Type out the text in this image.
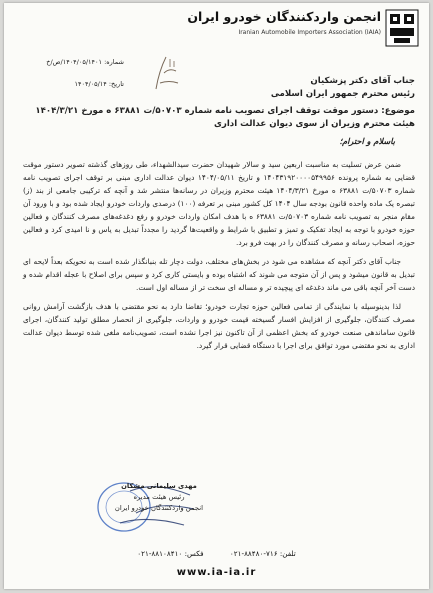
انجمن واردکنندگان خودرو ایران
Iranian Automobile Importers Association (IAIA)
شماره: ۱۴۰۴/۰۵/۱۴۰۱/ص/خ
تاریخ: ۱۴۰۴/۰۵/۱۴	جناب آقای دکتر پزشکیان

رئیس محترم جمهور ایران اسلامی

موضوع: دستور موقت توقف اجرای تصویب نامه شماره ۵۰۷۰۳/ت ۶۳۸۸۱ ه مورخ ۱۴۰۴/۳/۲۱

هیئت محترم وزیران از سوی دیوان عدالت اداری

باسلام و احترام؛

ضمن عرض تسلیت به مناسبت اربعین سید و سالار شهیدان حضرت سیدالشهداء، طی روزهای گذشته تصویر دستور موقت قضایی به شماره پرونده ۱۴۰۴۳۱۹۲۰۰۰۰۵۴۹۹۵۶ و تاریخ ۱۴۰۴/۰۵/۱۱ دیوان عدالت اداری مبنی بر توقف اجرای تصویب نامه شماره ۵۰۷۰۳/ت ۶۳۸۸۱ ه مورخ ۱۴۰۴/۳/۲۱ هیئت محترم وزیران در رسانه‌ها منتشر شد و آنچه که ترکیبی جامعی از بند (ز) تبصره یک ماده واحده قانون بودجه سال ۱۴۰۴ کل کشور مبنی بر تعرفه (۱۰۰) درصدی واردات خودرو ایجاد شده بود و با ورود آن مقام منجر به تصویب نامه شماره ۵۰۷۰۳/ت ۶۳۸۸۱ ه با هدف امکان واردات خودرو و رفع دغدغه‌های مصرف کنندگان و فعالین حوزه خودرو با توجه به ایجاد تفکیک و تمیز و تطبیق با شرایط و واقعیت‌ها گردید را مجدداً تبدیل به یاس و نا امیدی کرد و فعالین حوزه، اصحاب رسانه و مصرف کنندگان را در بهت فرو برد.

جناب آقای دکتر آنچه که مشاهده می شود در بخش‌های مختلف، دولت دچار تله بنبانگذار شده است به نحویکه بعداً لایحه ای تبدیل به قانون میشود و پس از آن متوجه می شوند که اشتباه بوده و بایستی کاری کرد و سپس برای اصلاح با عجله اقدام شده و دست آخر آنچه باقی می ماند دغدغه ای پیچیده تر و مساله ای سخت تر از مساله اول است.

لذا بدینوسیله با نمایندگی از تمامی فعالین حوزه تجارت خودرو؛ تقاضا دارد به نحو مقتضی با هدف بازگشت آرامش روانی مصرف کنندگان، جلوگیری از افزایش افسار گسیخته قیمت خودرو و واردات، جلوگیری از انحصار مطلق تولید کنندگان، اجرای قانون ساماندهی صنعت خودرو که بخش اعظمی از آن تاکنون نیز اجرا نشده است، تصویب‌نامه ملغی شده توسط دیوان عدالت اداری به نحو مقتضی مورد توافق برای اجرا با دستگاه قضایی قرار گیرد.

مهدی سلیمانی مشکان
رئیس هیئت مدیره
انجمن واردکنندگان خودرو ایران
تلفن: ۷۱۶-۸۸۴۸۰-۰۲۱ فکس: ۸۸۱۰۸۴۱۰-۰۲۱
www.ia-ia.ir
